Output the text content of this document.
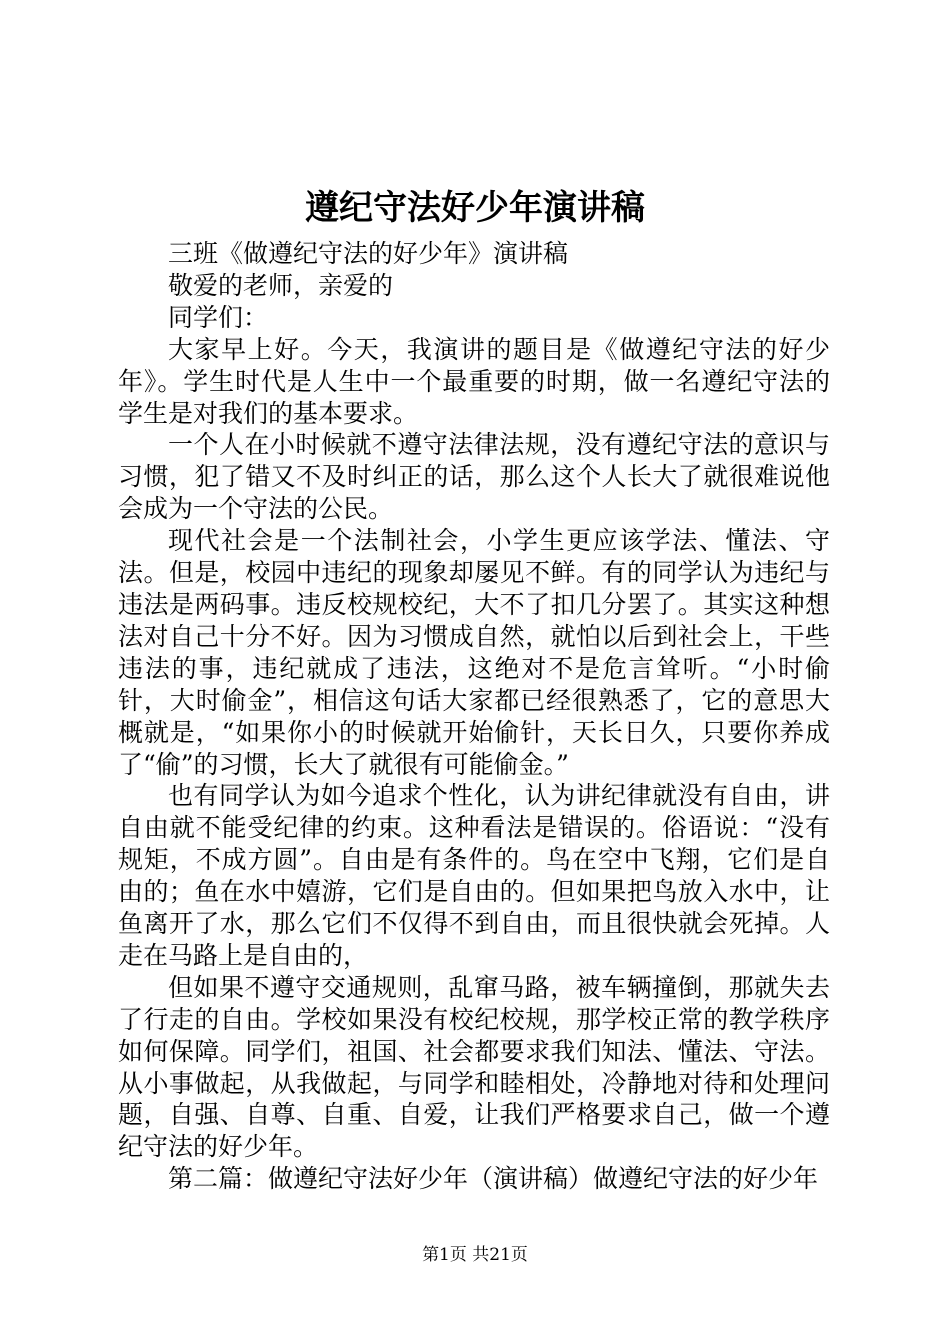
遵纪守法好少年演讲稿

三班《做遵纪守法的好少年》演讲稿

敬爱的老师，亲爱的

同学们：

大家早上好。今天，我演讲的题目是《做遵纪守法的好少年》。学生时代是人生中一个最重要的时期，做一名遵纪守法的学生是对我们的基本要求。

一个人在小时候就不遵守法律法规，没有遵纪守法的意识与习惯，犯了错又不及时纠正的话，那么这个人长大了就很难说他会成为一个守法的公民。

现代社会是一个法制社会，小学生更应该学法、懂法、守法。但是，校园中违纪的现象却屡见不鲜。有的同学认为违纪与违法是两码事。违反校规校纪，大不了扣几分罢了。其实这种想法对自己十分不好。因为习惯成自然，就怕以后到社会上，干些违法的事，违纪就成了违法，这绝对不是危言耸听。“小时偷针，大时偷金”，相信这句话大家都已经很熟悉了，它的意思大概就是，“如果你小的时候就开始偷针，天长日久，只要你养成了“偷”的习惯，长大了就很有可能偷金。”

也有同学认为如今追求个性化，认为讲纪律就没有自由，讲自由就不能受纪律的约束。这种看法是错误的。俗语说：“没有规矩，不成方圆”。自由是有条件的。鸟在空中飞翔，它们是自由的；鱼在水中嬉游，它们是自由的。但如果把鸟放入水中，让鱼离开了水，那么它们不仅得不到自由，而且很快就会死掉。人走在马路上是自由的，

但如果不遵守交通规则，乱窜马路，被车辆撞倒，那就失去了行走的自由。学校如果没有校纪校规，那学校正常的教学秩序如何保障。同学们，祖国、社会都要求我们知法、懂法、守法。从小事做起，从我做起，与同学和睦相处，冷静地对待和处理问题，自强、自尊、自重、自爱，让我们严格要求自己，做一个遵纪守法的好少年。

第二篇：做遵纪守法好少年（演讲稿）做遵纪守法的好少年

第1页 共21页
